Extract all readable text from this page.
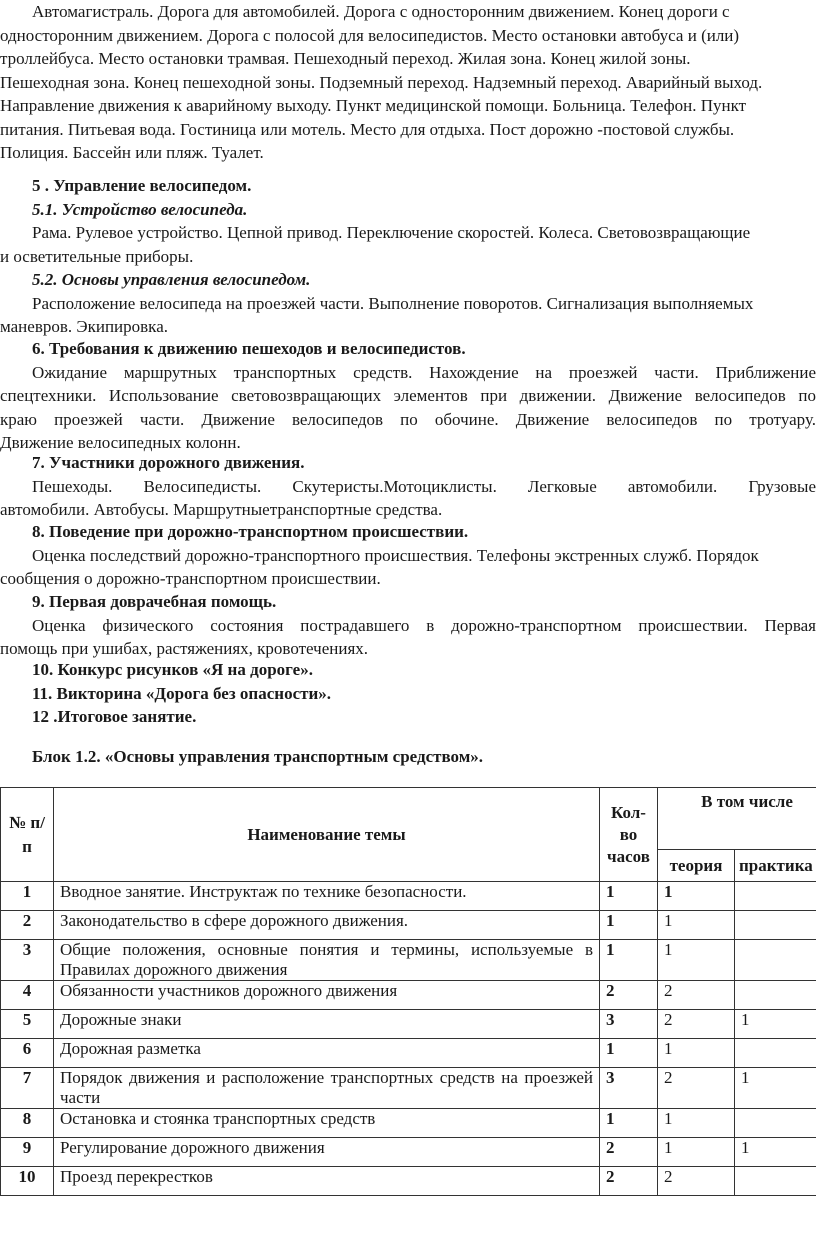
Автомагистраль. Дорога для автомобилей. Дорога с односторонним движением. Конец дороги с
односторонним движением. Дорога с полосой для велосипедистов. Место остановки автобуса и (или)
троллейбуса. Место остановки трамвая. Пешеходный переход. Жилая зона. Конец жилой зоны.
Пешеходная зона. Конец пешеходной зоны. Подземный переход. Надземный переход. Аварийный выход.
Направление движения к аварийному выходу. Пункт медицинской помощи. Больница. Телефон. Пункт
питания. Питьевая вода. Гостиница или мотель. Место для отдыха. Пост дорожно -постовой службы.
Полиция. Бассейн или пляж. Туалет.
5 . Управление велосипедом.
5.1. Устройство велосипеда.
Рама. Рулевое устройство. Цепной привод. Переключение скоростей. Колеса. Световозвращающие
и осветительные приборы.
5.2. Основы управления велосипедом.
Расположение велосипеда на проезжей части. Выполнение поворотов. Сигнализация выполняемых
маневров. Экипировка.
6. Требования к движению пешеходов и велосипедистов.
Ожидание маршрутных транспортных средств. Нахождение на проезжей части. Приближение
спецтехники. Использование световозвращающих элементов при движении. Движение велосипедов по
краю проезжей части. Движение велосипедов по обочине. Движение велосипедов по тротуару.
Движение велосипедных колонн.
7. Участники дорожного движения.
Пешеходы. Велосипедисты. Скутеристы.Мотоциклисты. Легковые автомобили. Грузовые
автомобили. Автобусы. Маршрутныетранспортные средства.
8. Поведение при дорожно-транспортном происшествии.
Оценка последствий дорожно-транспортного происшествия. Телефоны экстренных служб. Порядок
сообщения о дорожно-транспортном происшествии.
9. Первая доврачебная помощь.
Оценка физического состояния пострадавшего в дорожно-транспортном происшествии. Первая
помощь при ушибах, растяжениях, кровотечениях.
10. Конкурс рисунков «Я на дороге».
11. Викторина «Дорога без опасности».
12 .Итоговое занятие.
Блок 1.2. «Основы управления транспортным средством».
№ п/п	Наименование темы	Кол-во часов	В том числе	
			теория	практика
1	Вводное занятие. Инструктаж по технике безопасности.	1	1	
2	Законодательство в сфере дорожного движения.	1	1	
3	Общие положения, основные понятия и термины, используемые в Правилах дорожного движения	1	1	
4	Обязанности участников дорожного движения	2	2	
5	Дорожные знаки	3	2	1
6	Дорожная разметка	1	1	
7	Порядок движения и расположение транспортных средств на проезжей части	3	2	1
8	Остановка и стоянка транспортных средств	1	1	
9	Регулирование дорожного движения	2	1	1
10	Проезд перекрестков	2	2	
